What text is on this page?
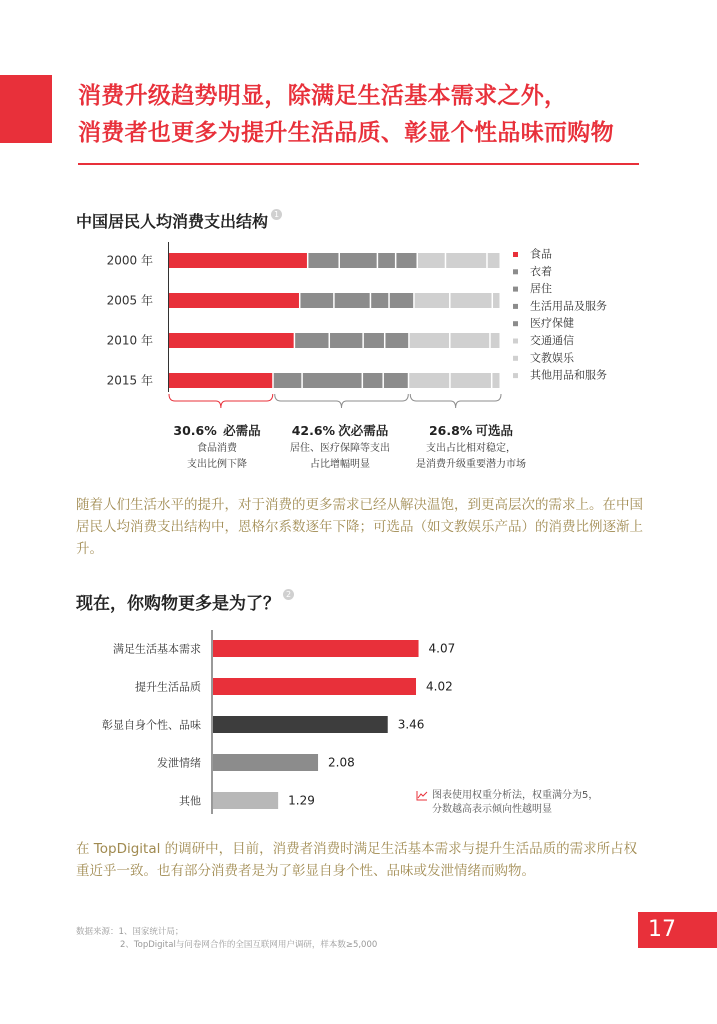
消费升级趋势明显，除满足生活基本需求之外，
消费者也更多为提升生活品质、彰显个性品味而购物
中国居民人均消费支出结构 1
2000 年
2005 年
2010 年
2015 年
食品
衣着
居住
生活用品及服务
医疗保健
交通通信
文教娱乐
其他用品和服务
30.6% 必需品
食品消费
支出比例下降
42.6% 次必需品
居住、医疗保障等支出
占比增幅明显
26.8% 可选品
支出占比相对稳定，
是消费升级重要潜力市场
随着人们生活水平的提升，对于消费的更多需求已经从解决温饱，到更高层次的需求上。在中国居民人均消费支出结构中，恩格尔系数逐年下降；可选品（如文教娱乐产品）的消费比例逐渐上升。
现在，你购物更多是为了？ 2
满足生活基本需求	4.07
提升生活品质	4.02
彰显自身个性、品味	3.46
发泄情绪	2.08
其他	1.29	图表使用权重分析法，权重满分为5，
分数越高表示倾向性越明显
在 TopDigital 的调研中，目前，消费者消费时满足生活基本需求与提升生活品质的需求所占权重近乎一致。也有部分消费者是为了彰显自身个性、品味或发泄情绪而购物。
数据来源：1、国家统计局；
2、TopDigital与问卷网合作的全国互联网用户调研，样本数≥5,000
17
